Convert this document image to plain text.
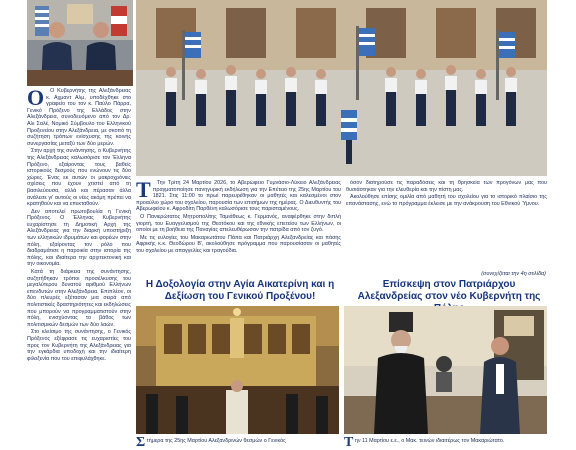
O	Ο Κυβερνήτης της Αλεξάνδρειας κ. Αχμαντ Αλμ, υποδέχθηκε στο γραφείο του τον κ. Παύλο Πάρρα, Γενικό Πρόξενο της Ελλάδος στην Αλεξάνδρεια, συνοδευόμενο από τον Δρ. Αλι Σαλέ, Νομικό Σύμβουλο του Ελληνικού Προξενείου στην Αλεξάνδρεια, με σκοπό τη συζήτηση τρόπων ενίσχυσης της κοινής συνεργασίας μεταξύ των δύο μερών.

Στην αρχή της συνάντησης, ο Κυβερνήτης της Αλεξάνδρειας καλωσόρισε τον Έλληνα Πρόξενο, εξαίροντας τους βαθείς ιστορικούς δεσμούς που ενώνουν τις δύο χώρες. Ένας εκ αυτών οι μακροχρόνιες σχέσεις που έχουν χτιστεί από τη βασιλεύουσα, αλλά και πέρασαν άλλα ανάλεσε γι' αυτούς οι νέες ακόμη πρέπει να κρατηθούν και να επεκταθούν.

Δεν αποτελεί πρωτοβουλία η Γενική Πρόξενος. Ο Έλληνας Κυβερνήτης ευχαρίστησε τη Δημοτική Αρχή της Αλεξάνδρειας για την διαρκή υποστήριξη των ελληνικών ιδρυμάτων και φορέων στην πόλη, εξαίροντας τον ρόλο που διαδραμάτισε η παροικία στην ιστορία της πόλης, και ιδιαίτερα την αρχιτεκτονική και την οικονομία.

Κατά τη διάρκεια της συνάντησης, συζητήθηκαν τρόποι προσέλκυσης του μεγαλύτερου δυνατού αριθμού Ελλήνων επενδυτών στην Αλεξάνδρεια. Επιπλέον, οι δύο πλευρές εξέτασαν μια σειρά από πολιτιστικές δραστηριότητες και εκδηλώσεις που μπορούν να προγραμματιστούν στην πόλη, ενισχύοντας το βάθος των πολιτισμικών δεσμών των δύο λαών.

Στο κλείσιμο της συνάντησης, ο Γενικός Πρόξενος εξέφρασε τις ευχαριστίες του προς τον Κυβερνήτη της Αλεξάνδρειας για την εγκάρδια υποδοχή και την ιδιαίτερη φιλοξενία που του επιφυλάχθηκε.

Τ	Την Τρίτη 24 Μαρτίου 2026, το Αβερώφειο Γυμνάσιο-Λύκειο Αλεξάνδρειας πραγματοποίησε πανηγυρική εκδήλωση για την Επέτειο της 25ης Μαρτίου του 1821. Στις 11:00 το πρωί παρευρέθηκαν οι μαθητές και καλεσμένοι στον προαύλιο χώρο του σχολείου, παρουσία των επισήμων της ημέρας. Ο Διευθυντής του Αβερωφείου κ. Αφροδίτη Παρθένη καλωσόρισε τους παρισταμένους.

Ο Πανιερώτατος Μητροπολίτης Ταμιάθεως κ. Γερμανός, αναφέρθηκε στην διπλή γιορτή, του Ευαγγελισμού της Θεοτόκου και της εθνικής επετείου των Ελλήνων, οι οποίοι με τη βοήθεια της Παναγίας απελευθέρωσαν την πατρίδα από τον ζυγό.

Με τις ευλογίες του Μακαριωτάτου Πάπα και Πατριάρχη Αλεξανδρείας και πάσης Αφρικής κ.κ. Θεοδώρου Β', ακολούθησε πρόγραμμα που παρουσίασαν οι μαθητές του σχολείου με απαγγελίες και τραγούδια.

όσον διατηρούσε τις παραδόσεις και τη θρησκεία των προγόνων μας που θυσιάστηκαν για την ελευθερία και την πίστη μας.

Ακολούθησε επίσης ομιλία από μαθητή του σχολείου για το ιστορικό πλαίσιο της επανάστασης, ενώ το πρόγραμμα έκλεισε με την ανάκρουση του Εθνικού Ύμνου.

(συνεχίζεται την 4η σελίδα)
Η Δοξολογία στην Αγία Αικατερίνη και η Δεξίωση του Γενικού Προξένου!
Επίσκεψη στον Πατριάρχου Αλεξανδρείας στον νέο Κυβερνήτη της
Σ τήμερα της 25ης Μαρτίου Αλεξανδρινών θεσμών ο Γενικός	Τ ην 11 Μαρτίου ε.ε., ο Μακ. τεινών ιδιαιτέρως τον Μακαριώτατο.
